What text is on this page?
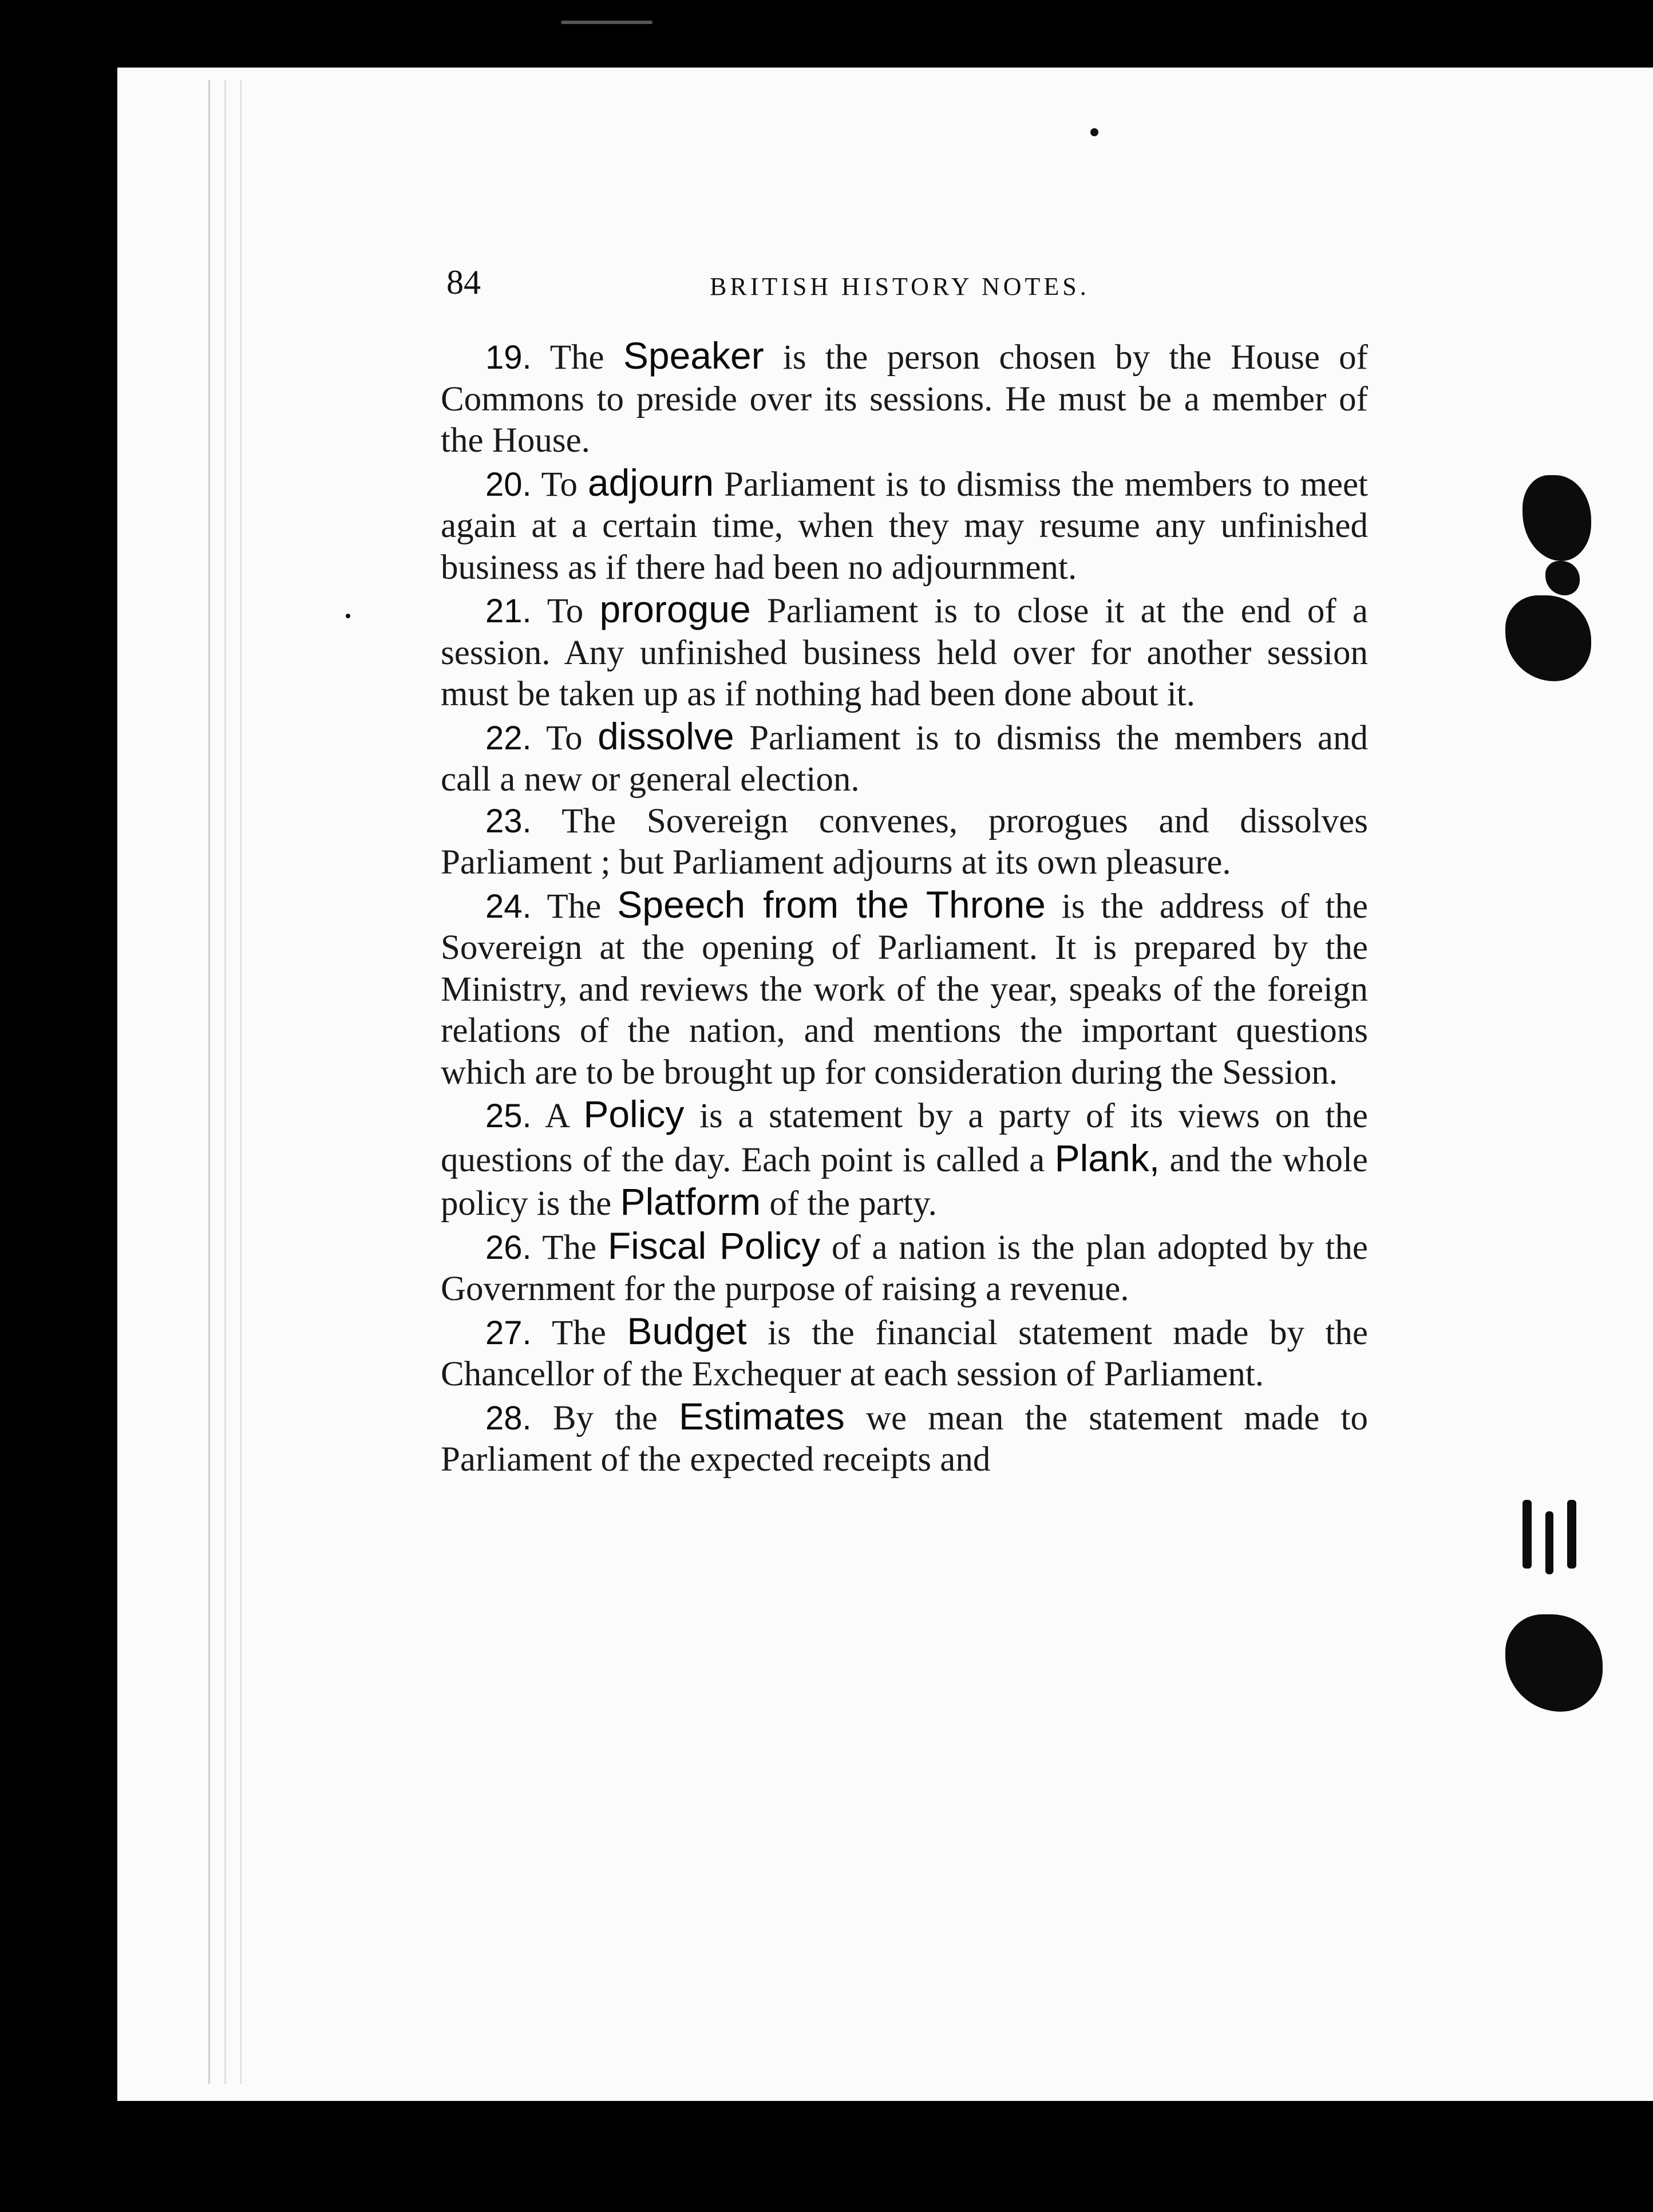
84	BRITISH HISTORY NOTES.

19. The Speaker is the person chosen by the House of Commons to preside over its sessions. He must be a member of the House.

20. To adjourn Parliament is to dismiss the members to meet again at a certain time, when they may resume any unfinished business as if there had been no adjournment.

21. To prorogue Parliament is to close it at the end of a session. Any unfinished business held over for another session must be taken up as if nothing had been done about it.

22. To dissolve Parliament is to dismiss the members and call a new or general election.

23. The Sovereign convenes, prorogues and dissolves Parliament ; but Parliament adjourns at its own pleasure.

24. The Speech from the Throne is the address of the Sovereign at the opening of Parliament. It is prepared by the Ministry, and reviews the work of the year, speaks of the foreign relations of the nation, and mentions the important questions which are to be brought up for consideration during the Session.

25. A Policy is a statement by a party of its views on the questions of the day. Each point is called a Plank, and the whole policy is the Platform of the party.

26. The Fiscal Policy of a nation is the plan adopted by the Government for the purpose of raising a revenue.

27. The Budget is the financial statement made by the Chancellor of the Exchequer at each session of Parliament.

28. By the Estimates we mean the statement made to Parliament of the expected receipts and
